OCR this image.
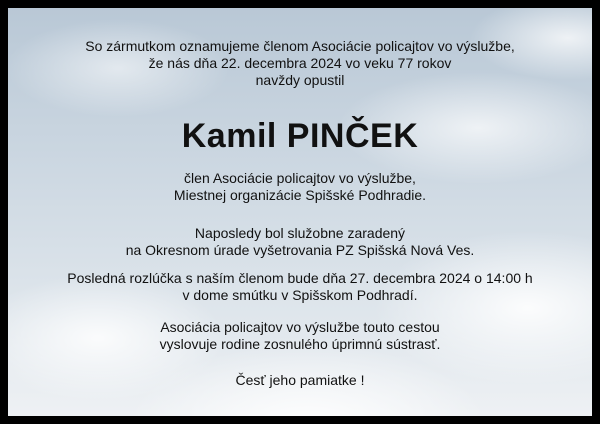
So zármutkom oznamujeme členom Asociácie policajtov vo výslužbe,
že nás dňa 22. decembra 2024 vo veku 77 rokov
navždy opustil
Kamil PINČEK
člen Asociácie policajtov vo výslužbe,
Miestnej organizácie Spišské Podhradie.
Naposledy bol služobne zaradený
na Okresnom úrade vyšetrovania PZ Spišská Nová Ves.
Posledná rozlúčka s naším členom bude dňa 27. decembra 2024 o 14:00 h
v dome smútku v Spišskom Podhradí.
Asociácia policajtov vo výslužbe touto cestou
vyslovuje rodine zosnulého úprimnú sústrasť.
Česť jeho pamiatke !
